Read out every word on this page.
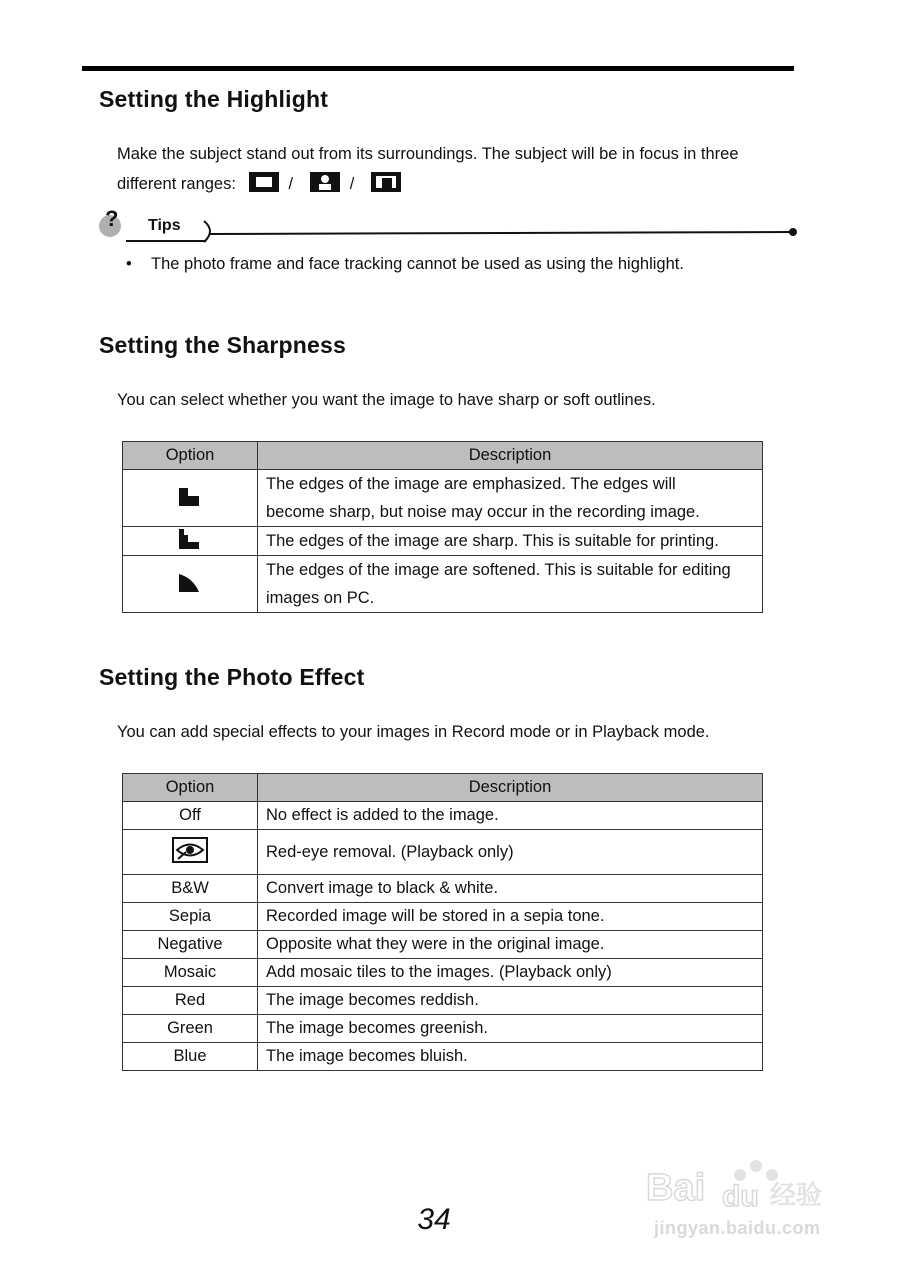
Setting the Highlight

Make the subject stand out from its surroundings. The subject will be in focus in three
different ranges:	/	/

? Tips
• The photo frame and face tracking cannot be used as using the highlight.
Setting the Sharpness

You can select whether you want the image to have sharp or soft outlines.

Option	Description
	The edges of the image are emphasized. The edges will
become sharp, but noise may occur in the recording image.
	The edges of the image are sharp. This is suitable for printing.
	The edges of the image are softened. This is suitable for editing
images on PC.
Setting the Photo Effect

You can add special effects to your images in Record mode or in Playback mode.

Option	Description
Off	No effect is added to the image.
	Red-eye removal. (Playback only)
B&W	Convert image to black & white.
Sepia	Recorded image will be stored in a sepia tone.
Negative	Opposite what they were in the original image.
Mosaic	Add mosaic tiles to the images. (Playback only)
Red	The image becomes reddish.
Green	The image becomes greenish.
Blue	The image becomes bluish.
34
Bai du 经验
jingyan.baidu.com
